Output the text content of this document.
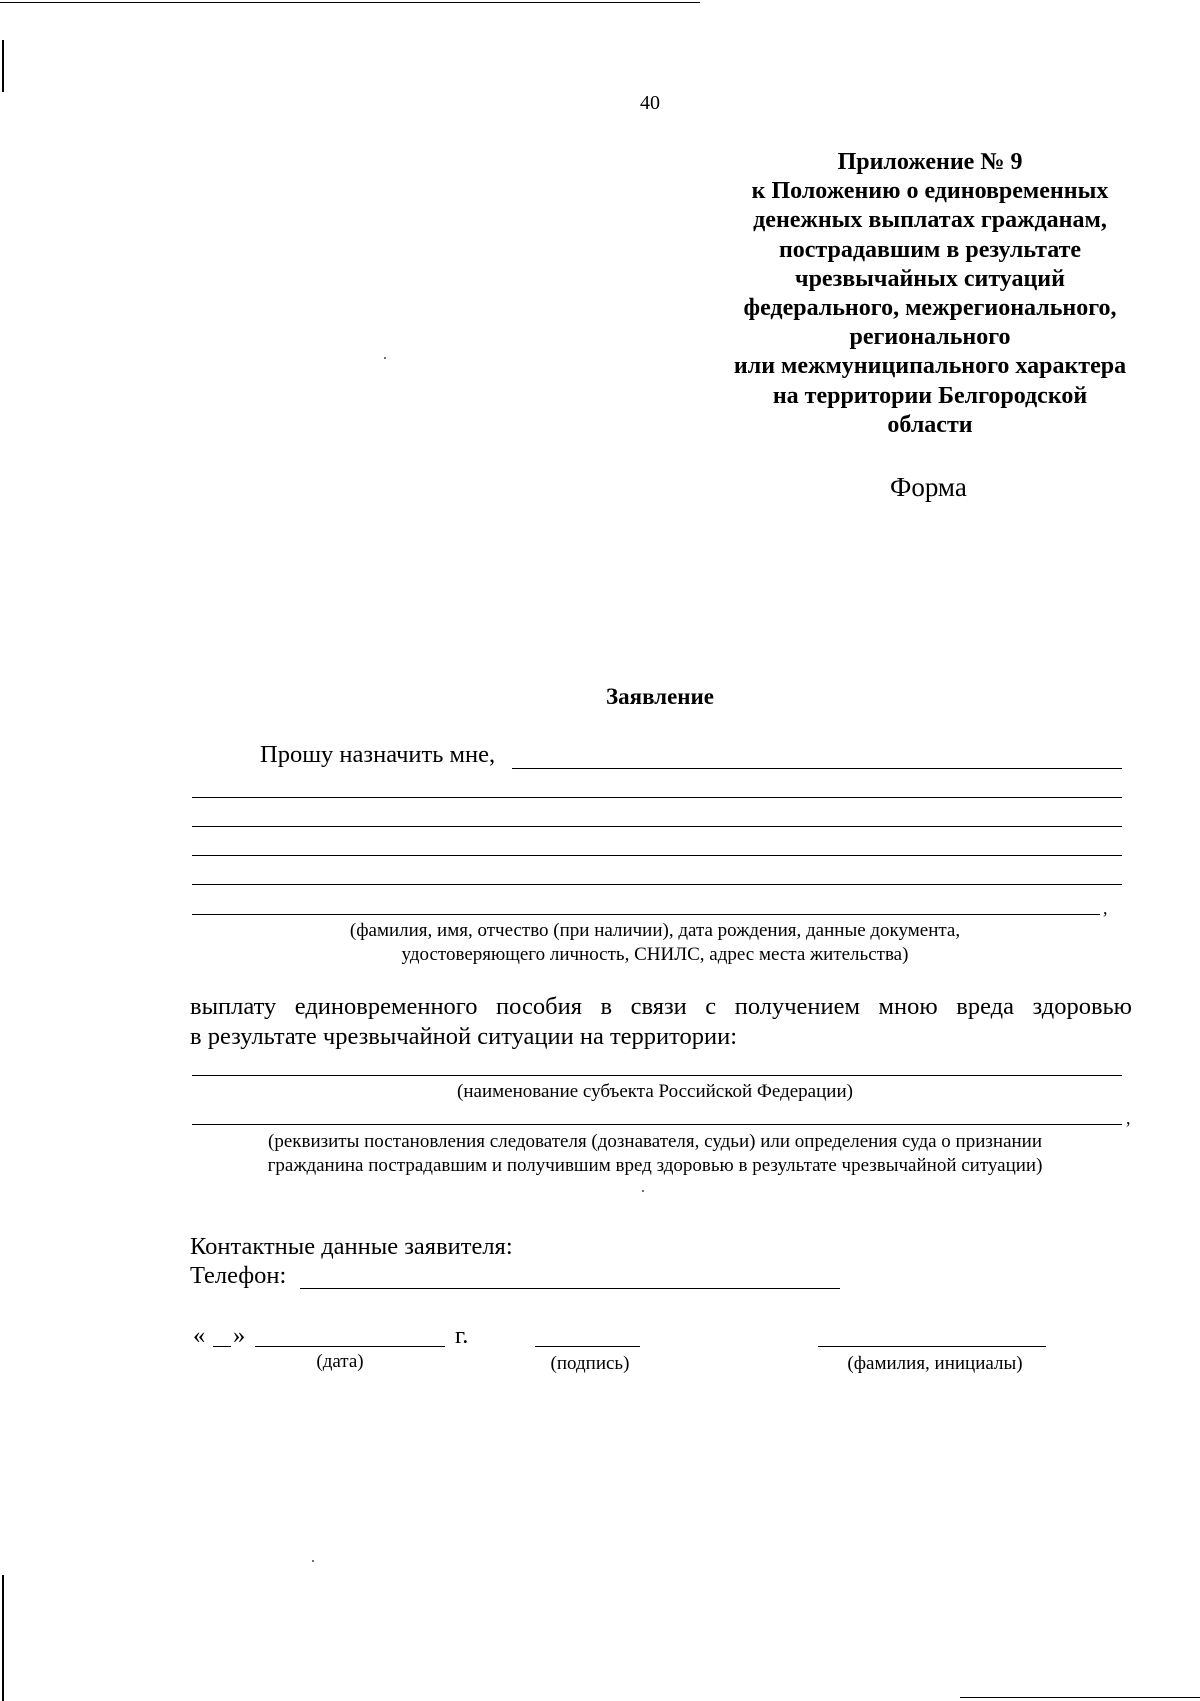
40
Приложение № 9
к Положению о единовременных
денежных выплатах гражданам,
пострадавшим в результате
чрезвычайных ситуаций
федерального, межрегионального,
регионального
или межмуниципального характера
на территории Белгородской
области
Форма
Заявление
Прошу назначить мне,
,
(фамилия, имя, отчество (при наличии), дата рождения, данные документа,
удостоверяющего личность, СНИЛС, адрес места жительства)
выплату единовременного пособия в связи с получением мною вреда здоровью
в результате чрезвычайной ситуации на территории:
(наименование субъекта Российской Федерации)
,
(реквизиты постановления следователя (дознавателя, судьи) или определения суда о признании
гражданина пострадавшим и получившим вред здоровью в результате чрезвычайной ситуации)
Контактные данные заявителя:
Телефон:
« »	г.
(дата)	(подпись)	(фамилия, инициалы)
